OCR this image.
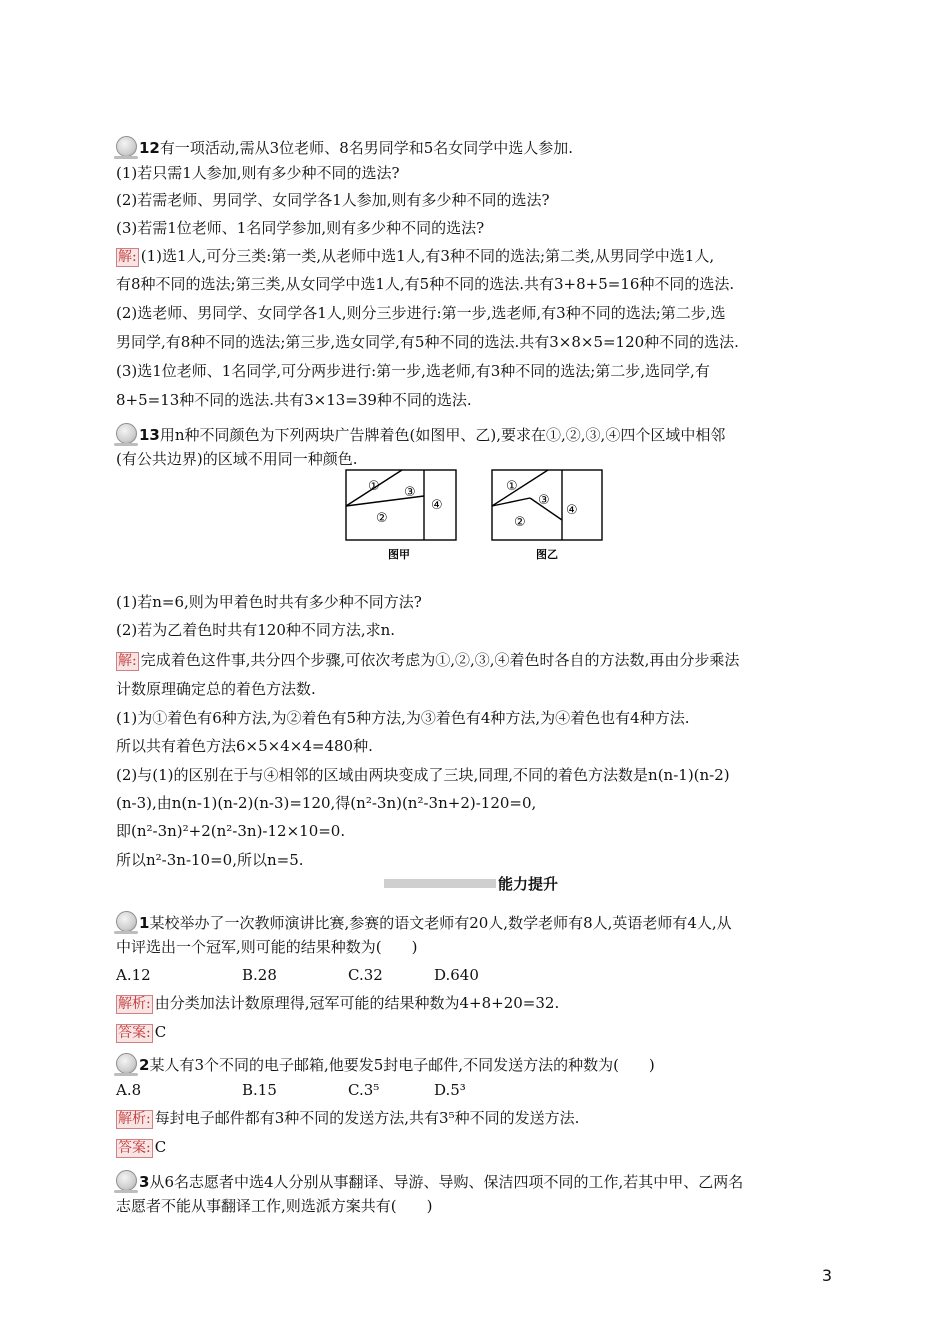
12有一项活动,需从3位老师、8名男同学和5名女同学中选人参加.
(1)若只需1人参加,则有多少种不同的选法?
(2)若需老师、男同学、女同学各1人参加,则有多少种不同的选法?
(3)若需1位老师、1名同学参加,则有多少种不同的选法?
解: (1)选1人,可分三类:第一类,从老师中选1人,有3种不同的选法;第二类,从男同学中选1人,
有8种不同的选法;第三类,从女同学中选1人,有5种不同的选法.共有3+8+5=16种不同的选法.
(2)选老师、男同学、女同学各1人,则分三步进行:第一步,选老师,有3种不同的选法;第二步,选
男同学,有8种不同的选法;第三步,选女同学,有5种不同的选法.共有3×8×5=120种不同的选法.
(3)选1位老师、1名同学,可分两步进行:第一步,选老师,有3种不同的选法;第二步,选同学,有
8+5=13种不同的选法.共有3×13=39种不同的选法.
13用n种不同颜色为下列两块广告牌着色(如图甲、乙),要求在①,②,③,④四个区域中相邻
(有公共边界)的区域不用同一种颜色.
①
②
③
④
图甲
①
②
③
④
图乙
(1)若n=6,则为甲着色时共有多少种不同方法?
(2)若为乙着色时共有120种不同方法,求n.
解: 完成着色这件事,共分四个步骤,可依次考虑为①,②,③,④着色时各自的方法数,再由分步乘法
计数原理确定总的着色方法数.
(1)为①着色有6种方法,为②着色有5种方法,为③着色有4种方法,为④着色也有4种方法.
所以共有着色方法6×5×4×4=480种.
(2)与(1)的区别在于与④相邻的区域由两块变成了三块,同理,不同的着色方法数是n(n-1)(n-2)
(n-3),由n(n-1)(n-2)(n-3)=120,得(n²-3n)(n²-3n+2)-120=0,
即(n²-3n)²+2(n²-3n)-12×10=0.
所以n²-3n-10=0,所以n=5.
能力提升
1某校举办了一次教师演讲比赛,参赛的语文老师有20人,数学老师有8人,英语老师有4人,从
中评选出一个冠军,则可能的结果种数为(　　)
A.12	B.28	C.32	D.640
解析: 由分类加法计数原理得,冠军可能的结果种数为4+8+20=32.
答案: C
2某人有3个不同的电子邮箱,他要发5封电子邮件,不同发送方法的种数为(　　)
A.8	B.15	C.3⁵	D.5³
解析: 每封电子邮件都有3种不同的发送方法,共有3⁵种不同的发送方法.
答案: C
3从6名志愿者中选4人分别从事翻译、导游、导购、保洁四项不同的工作,若其中甲、乙两名
志愿者不能从事翻译工作,则选派方案共有(　　)
3
